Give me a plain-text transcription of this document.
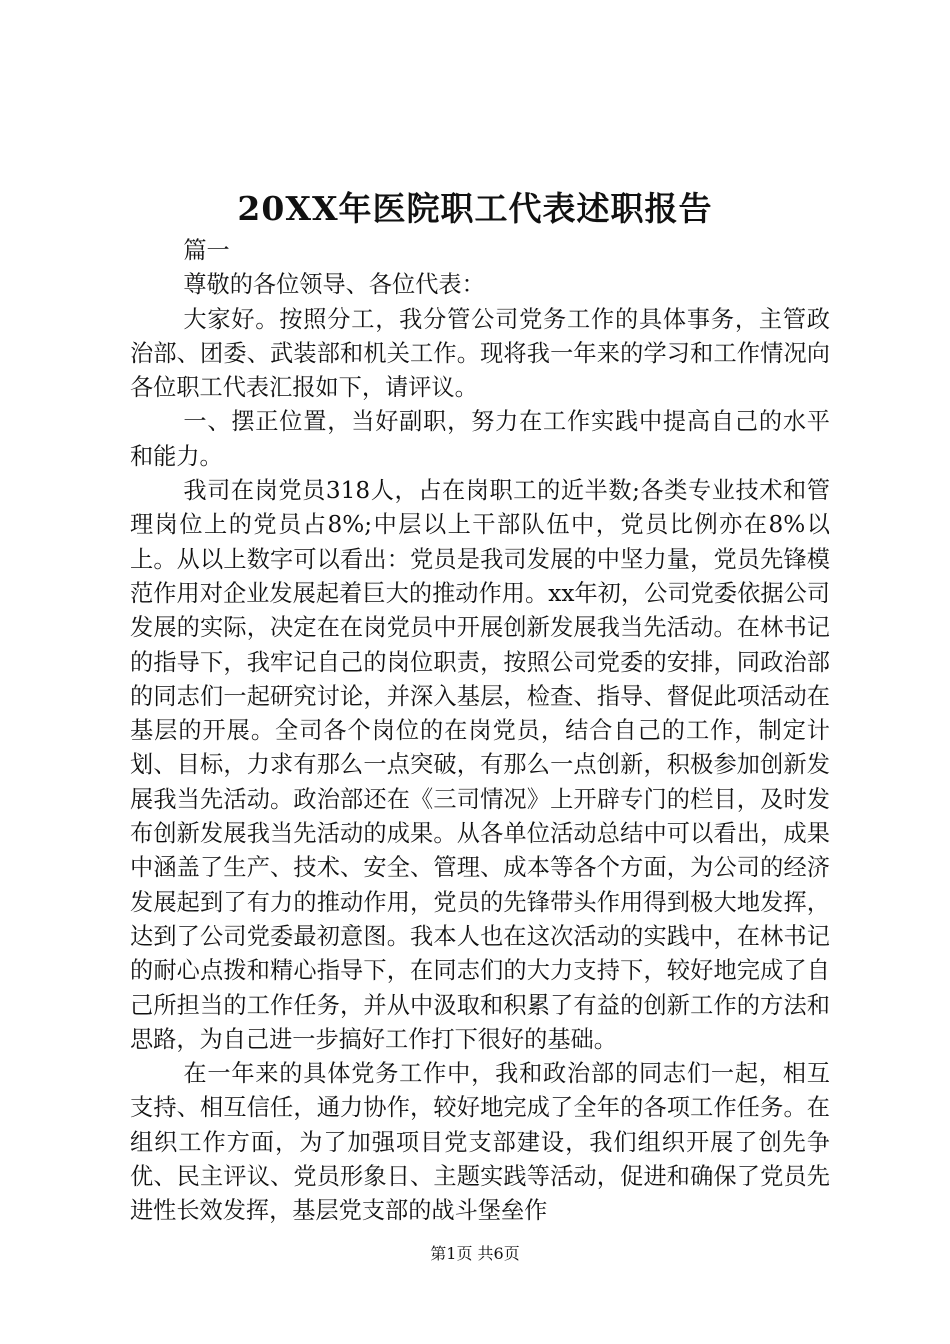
20XX年医院职工代表述职报告

篇一

尊敬的各位领导、各位代表：

大家好。按照分工，我分管公司党务工作的具体事务，主管政治部、团委、武装部和机关工作。现将我一年来的学习和工作情况向各位职工代表汇报如下，请评议。

一、摆正位置，当好副职，努力在工作实践中提高自己的水平和能力。

我司在岗党员318人，占在岗职工的近半数;各类专业技术和管理岗位上的党员占8%;中层以上干部队伍中，党员比例亦在8%以上。从以上数字可以看出：党员是我司发展的中坚力量，党员先锋模范作用对企业发展起着巨大的推动作用。xx年初，公司党委依据公司发展的实际，决定在在岗党员中开展创新发展我当先活动。在林书记的指导下，我牢记自己的岗位职责，按照公司党委的安排，同政治部的同志们一起研究讨论，并深入基层，检查、指导、督促此项活动在基层的开展。全司各个岗位的在岗党员，结合自己的工作，制定计划、目标，力求有那么一点突破，有那么一点创新，积极参加创新发展我当先活动。政治部还在《三司情况》上开辟专门的栏目，及时发布创新发展我当先活动的成果。从各单位活动总结中可以看出，成果中涵盖了生产、技术、安全、管理、成本等各个方面，为公司的经济发展起到了有力的推动作用，党员的先锋带头作用得到极大地发挥，达到了公司党委最初意图。我本人也在这次活动的实践中，在林书记的耐心点拨和精心指导下，在同志们的大力支持下，较好地完成了自己所担当的工作任务，并从中汲取和积累了有益的创新工作的方法和思路，为自己进一步搞好工作打下很好的基础。

在一年来的具体党务工作中，我和政治部的同志们一起，相互支持、相互信任，通力协作，较好地完成了全年的各项工作任务。在组织工作方面，为了加强项目党支部建设，我们组织开展了创先争优、民主评议、党员形象日、主题实践等活动，促进和确保了党员先进性长效发挥，基层党支部的战斗堡垒作

第1页 共6页
